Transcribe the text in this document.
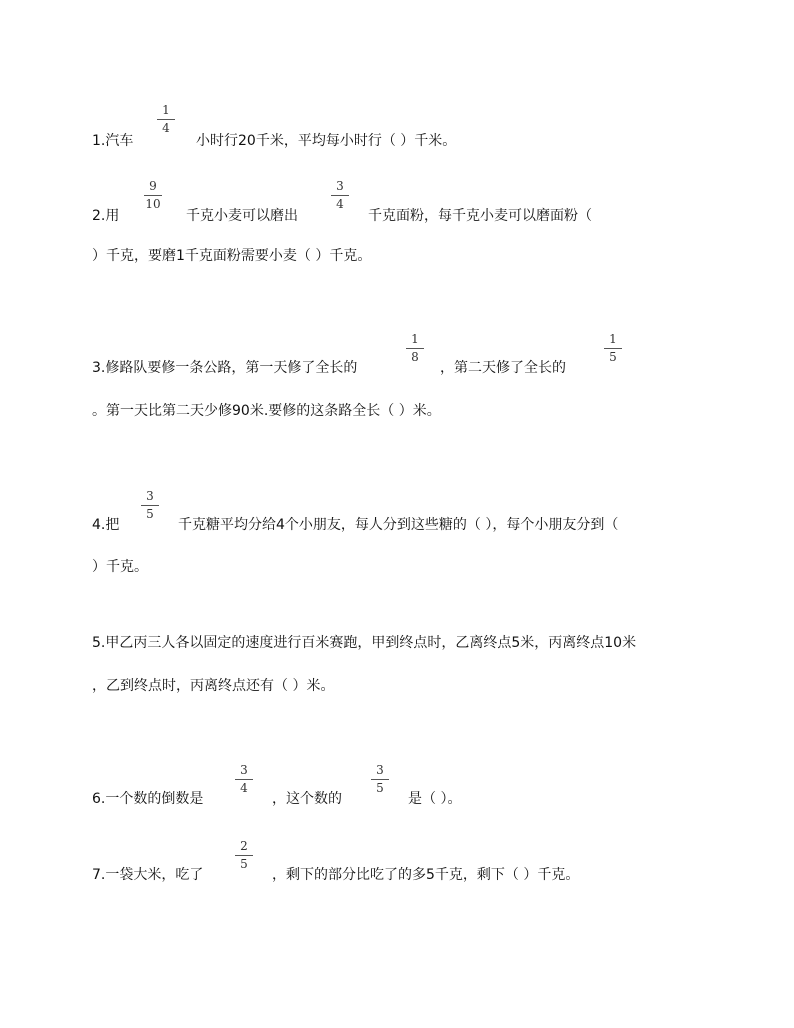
1.汽车
1
4
小时行20千米，平均每小时行（ ）千米。
2.用
9
10
千克小麦可以磨出
3
4
千克面粉，每千克小麦可以磨面粉（
）千克，要磨1千克面粉需要小麦（ ）千克。
3.修路队要修一条公路，第一天修了全长的
1
8
，第二天修了全长的
1
5
。第一天比第二天少修90米.要修的这条路全长（ ）米。
4.把
3
5
千克糖平均分给4个小朋友，每人分到这些糖的（ ），每个小朋友分到（
）千克。
5.甲乙丙三人各以固定的速度进行百米赛跑，甲到终点时，乙离终点5米，丙离终点10米
，乙到终点时，丙离终点还有（ ）米。
6.一个数的倒数是
3
4
，这个数的
3
5
是（ ）。
7.一袋大米，吃了
2
5
，剩下的部分比吃了的多5千克，剩下（ ）千克。
